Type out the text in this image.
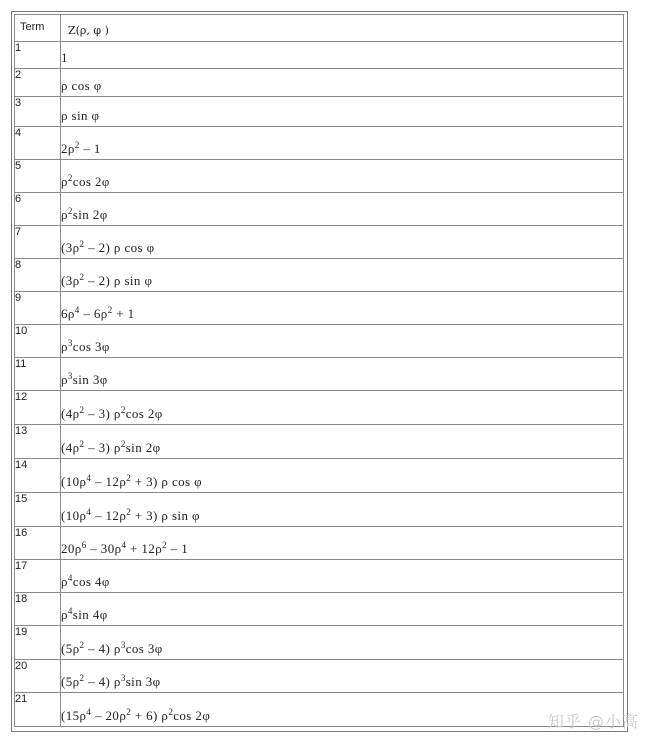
Term	Z(ρ, φ )
1	1

2	ρ cos φ

3	ρ sin φ

4	$2\rho^2 - 1$

5	$\rho^2\cos$ 2φ

6	$\rho^2\sin$ 2φ

7	$(3\rho^2 - 2)$ ρ cos φ

8	$(3\rho^2 - 2)$ ρ sin φ

9	$6\rho^4 - 6\rho^2 + 1$

10	$\rho^3\cos$ 3φ

11	$\rho^3\sin$ 3φ

12	$(4\rho^2 - 3)$ $\rho^2\cos$ 2φ

13	$(4\rho^2 - 3)$ $\rho^2\sin$ 2φ

14	$(10\rho^4 - 12\rho^2 + 3)$ ρ cos φ

15	$(10\rho^4 - 12\rho^2 + 3)$ ρ sin φ

16	$20\rho^6 - 30\rho^4 + 12\rho^2 - 1$

17	$\rho^4\cos$ 4φ

18	$\rho^4\sin$ 4φ

19	$(5\rho^2 - 4)$ $\rho^3\cos$ 3φ

20	$(5\rho^2 - 4)$ $\rho^3\sin$ 3φ

21	$(15\rho^4 - 20\rho^2 + 6)$ $\rho^2\cos$ 2φ	知乎 @小高
